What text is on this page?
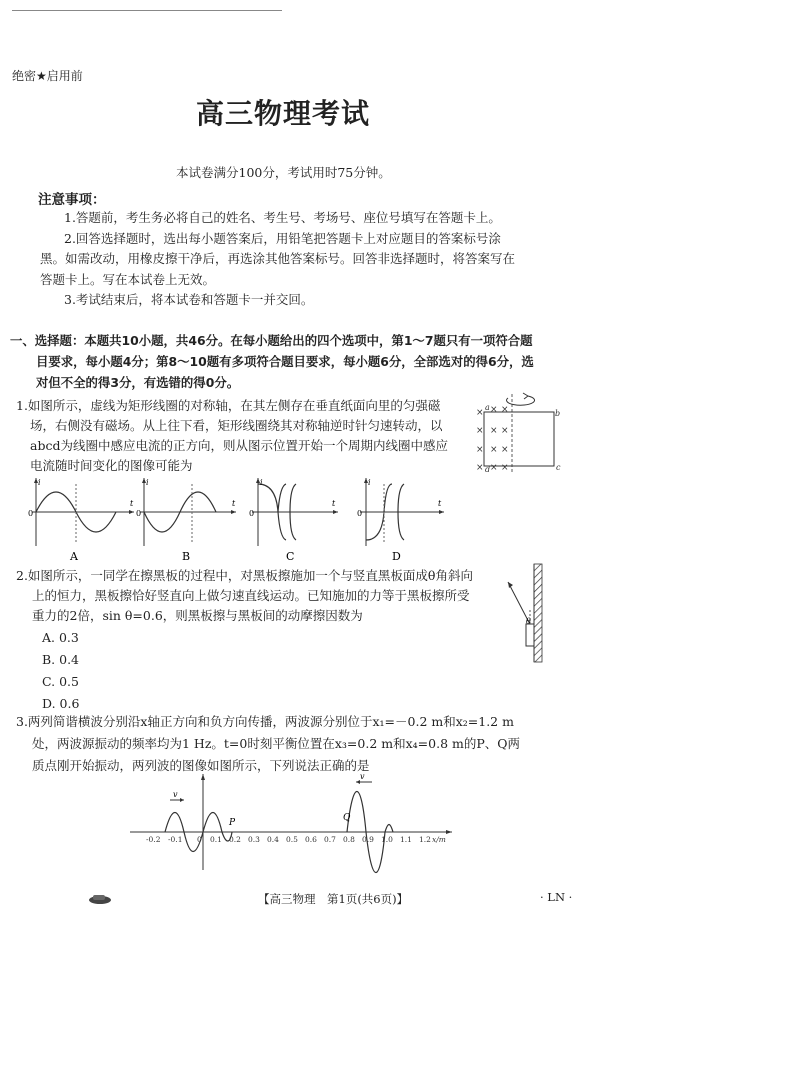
绝密★启用前
高三物理考试
本试卷满分100分，考试用时75分钟。
注意事项：
1.答题前，考生务必将自己的姓名、考生号、考场号、座位号填写在答题卡上。
2.回答选择题时，选出每小题答案后，用铅笔把答题卡上对应题目的答案标号涂
黑。如需改动，用橡皮擦干净后，再选涂其他答案标号。回答非选择题时，将答案写在
答题卡上。写在本试卷上无效。
3.考试结束后，将本试卷和答题卡一并交回。
一、选择题：本题共10小题，共46分。在每小题给出的四个选项中，第1～7题只有一项符合题
目要求，每小题4分；第8～10题有多项符合题目要求，每小题6分，全部选对的得6分，选
对但不全的得3分，有选错的得0分。
1.如图所示，虚线为矩形线圈的对称轴，在其左侧存在垂直纸面向里的匀强磁
场，右侧没有磁场。从上往下看，矩形线圈绕其对称轴逆时针匀速转动，以
abcd为线圈中感应电流的正方向，则从图示位置开始一个周期内线圈中感应
电流随时间变化的图像可能为
× × ×
× × ×
× × ×
× × ×
a
b
c
d
i
t
0
A
i
t
0
B
i
t
0
C
i
t
0
D
2.如图所示，一同学在擦黑板的过程中，对黑板擦施加一个与竖直黑板面成θ角斜向
上的恒力，黑板擦恰好竖直向上做匀速直线运动。已知施加的力等于黑板擦所受
重力的2倍，sin θ=0.6，则黑板擦与黑板间的动摩擦因数为
A. 0.3
B. 0.4
C. 0.5
D. 0.6
θ
3.两列简谐横波分别沿x轴正方向和负方向传播，两波源分别位于x₁=－0.2 m和x₂=1.2 m
处，两波源振动的频率均为1 Hz。t=0时刻平衡位置在x₃=0.2 m和x₄=0.8 m的P、Q两
质点刚开始振动，两列波的图像如图所示，下列说法正确的是
v
v
P	Q
-0.2 -0.1 0 0.1 0.2 0.3 0.4 0.5 0.6 0.7 0.8 0.9 1.0 1.1 1.2 x/m
【高三物理　第1页(共6页)】	· LN ·
